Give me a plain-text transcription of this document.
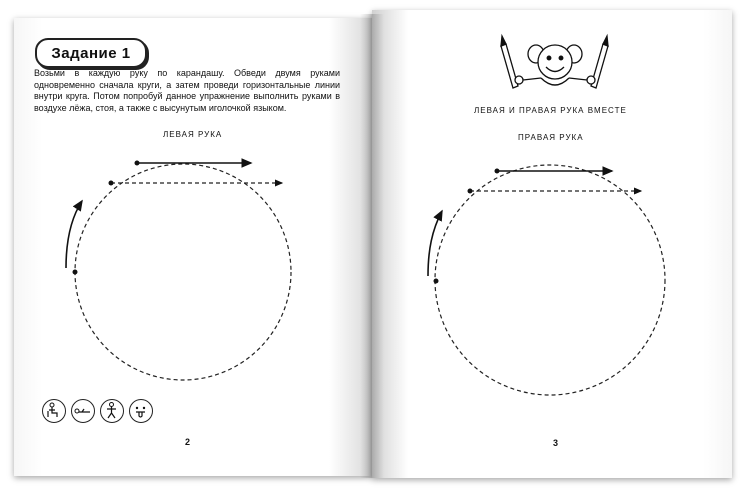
Задание 1
Возьми в каждую руку по карандашу. Обведи двумя руками одновременно сначала круги, а затем проведи горизонтальные линии внутри круга. Потом попробуй данное упражнение выполнить руками в воздухе лёжа, стоя, а также с высунутым иголочкой языком.
ЛЕВАЯ РУКА
2
ЛЕВАЯ И ПРАВАЯ РУКА ВМЕСТЕ
ПРАВАЯ РУКА
3
